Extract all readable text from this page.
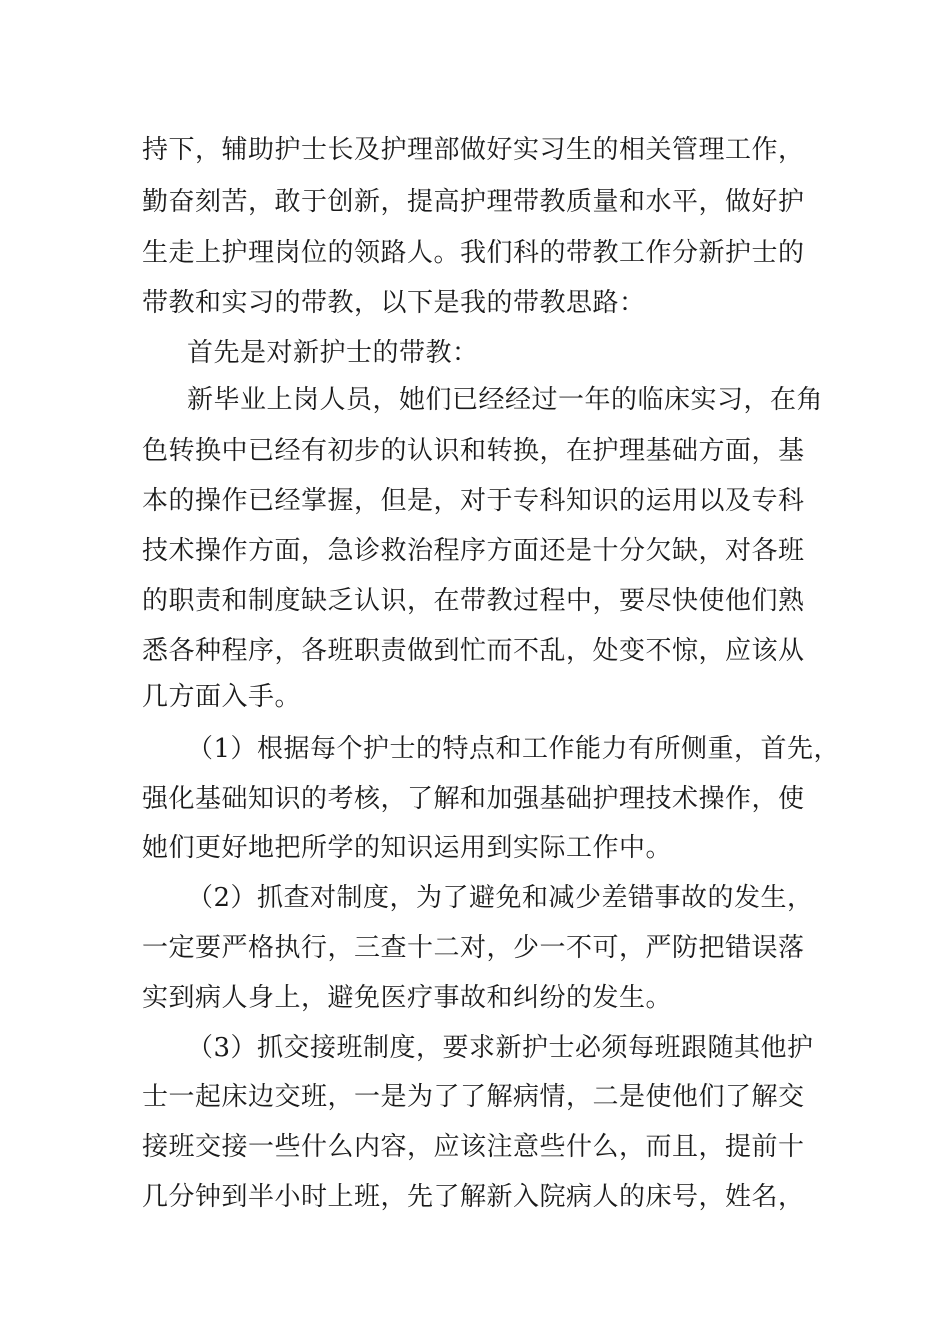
持下，辅助护士长及护理部做好实习生的相关管理工作，
勤奋刻苦，敢于创新，提高护理带教质量和水平，做好护
生走上护理岗位的领路人。我们科的带教工作分新护士的
带教和实习的带教，以下是我的带教思路：
首先是对新护士的带教：
新毕业上岗人员，她们已经经过一年的临床实习，在角
色转换中已经有初步的认识和转换，在护理基础方面，基
本的操作已经掌握，但是，对于专科知识的运用以及专科
技术操作方面，急诊救治程序方面还是十分欠缺，对各班
的职责和制度缺乏认识，在带教过程中，要尽快使他们熟
悉各种程序，各班职责做到忙而不乱，处变不惊，应该从
几方面入手。
（1）根据每个护士的特点和工作能力有所侧重，首先，
强化基础知识的考核，了解和加强基础护理技术操作，使
她们更好地把所学的知识运用到实际工作中。
（2）抓查对制度，为了避免和减少差错事故的发生，
一定要严格执行，三查十二对，少一不可，严防把错误落
实到病人身上，避免医疗事故和纠纷的发生。
（3）抓交接班制度，要求新护士必须每班跟随其他护
士一起床边交班，一是为了了解病情，二是使他们了解交
接班交接一些什么内容，应该注意些什么，而且，提前十
几分钟到半小时上班，先了解新入院病人的床号，姓名，
